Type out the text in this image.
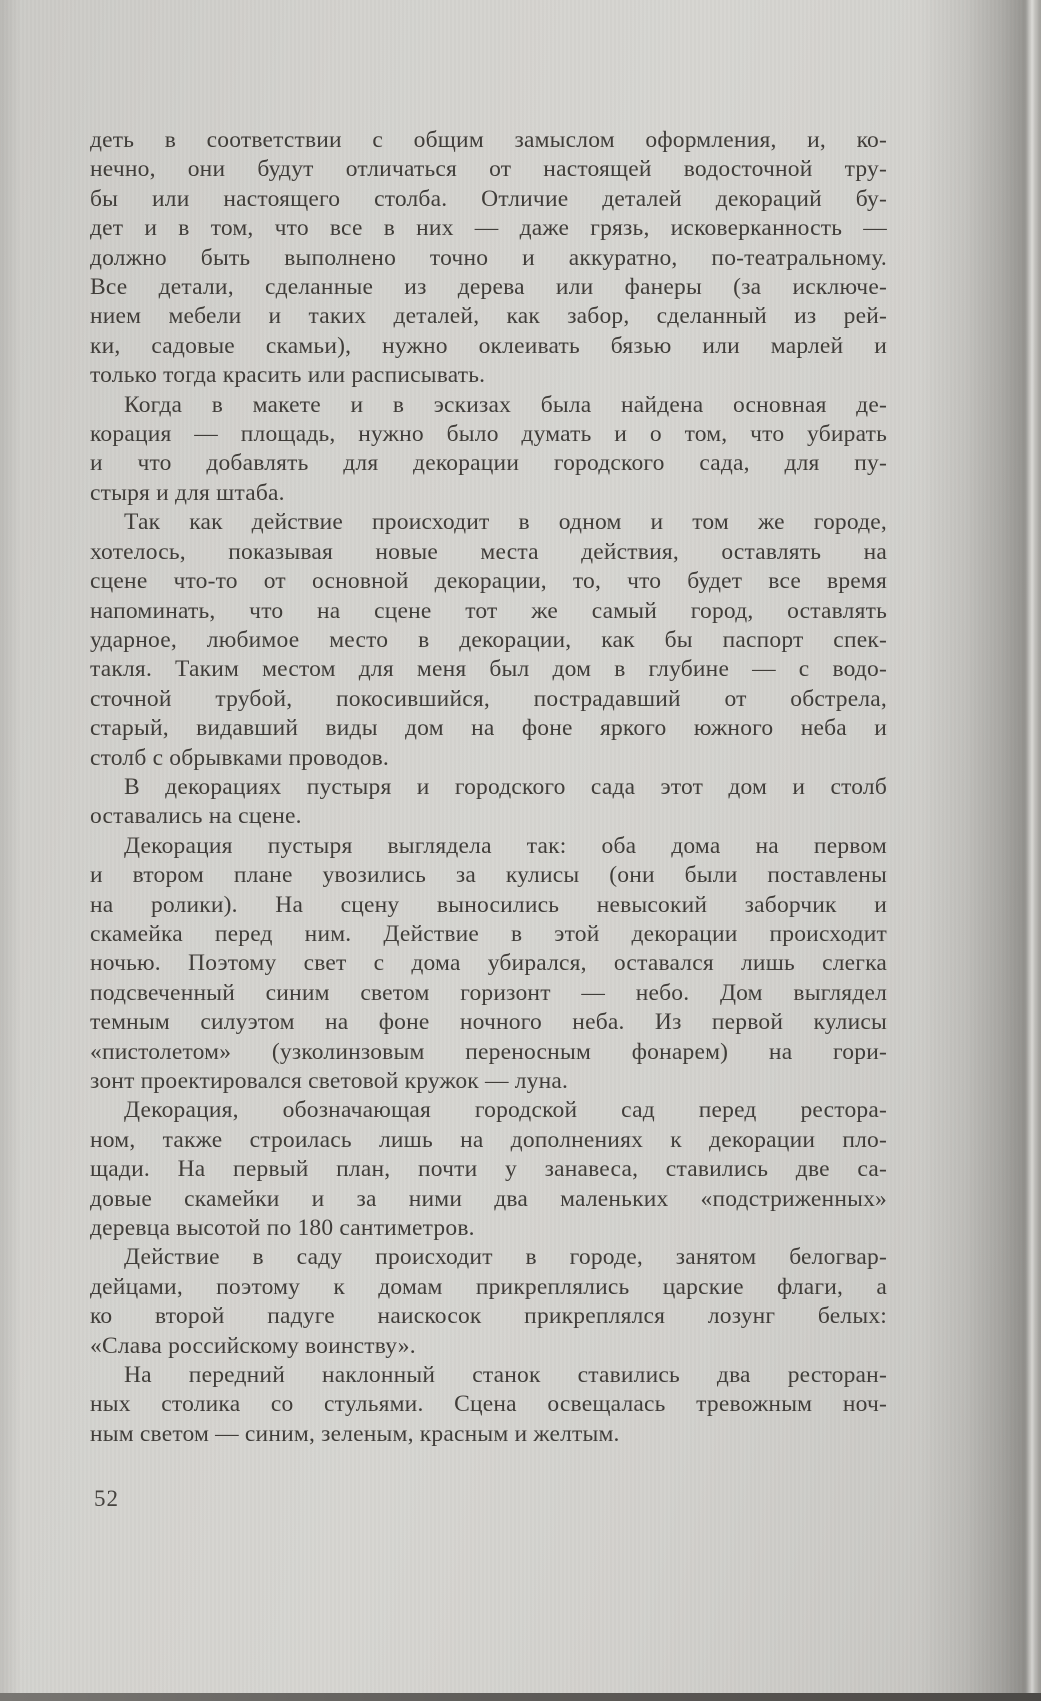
деть в соответствии с общим замыслом оформления, и, ко-
нечно, они будут отличаться от настоящей водосточной тру-
бы или настоящего столба. Отличие деталей декораций бу-
дет и в том, что все в них — даже грязь, исковерканность —
должно быть выполнено точно и аккуратно, по-театральному.
Все детали, сделанные из дерева или фанеры (за исключе-
нием мебели и таких деталей, как забор, сделанный из рей-
ки, садовые скамьи), нужно оклеивать бязью или марлей и
только тогда красить или расписывать.
Когда в макете и в эскизах была найдена основная де-
корация — площадь, нужно было думать и о том, что убирать
и что добавлять для декорации городского сада, для пу-
стыря и для штаба.
Так как действие происходит в одном и том же городе,
хотелось, показывая новые места действия, оставлять на
сцене что-то от основной декорации, то, что будет все время
напоминать, что на сцене тот же самый город, оставлять
ударное, любимое место в декорации, как бы паспорт спек-
такля. Таким местом для меня был дом в глубине — с водо-
сточной трубой, покосившийся, пострадавший от обстрела,
старый, видавший виды дом на фоне яркого южного неба и
столб с обрывками проводов.
В декорациях пустыря и городского сада этот дом и столб
оставались на сцене.
Декорация пустыря выглядела так: оба дома на первом
и втором плане увозились за кулисы (они были поставлены
на ролики). На сцену выносились невысокий заборчик и
скамейка перед ним. Действие в этой декорации происходит
ночью. Поэтому свет с дома убирался, оставался лишь слегка
подсвеченный синим светом горизонт — небо. Дом выглядел
темным силуэтом на фоне ночного неба. Из первой кулисы
«пистолетом» (узколинзовым переносным фонарем) на гори-
зонт проектировался световой кружок — луна.
Декорация, обозначающая городской сад перед рестора-
ном, также строилась лишь на дополнениях к декорации пло-
щади. На первый план, почти у занавеса, ставились две са-
довые скамейки и за ними два маленьких «подстриженных»
деревца высотой по 180 сантиметров.
Действие в саду происходит в городе, занятом белогвар-
дейцами, поэтому к домам прикреплялись царские флаги, а
ко второй падуге наискосок прикреплялся лозунг белых:
«Слава российскому воинству».
На передний наклонный станок ставились два ресторан-
ных столика со стульями. Сцена освещалась тревожным ноч-
ным светом — синим, зеленым, красным и желтым.
52
